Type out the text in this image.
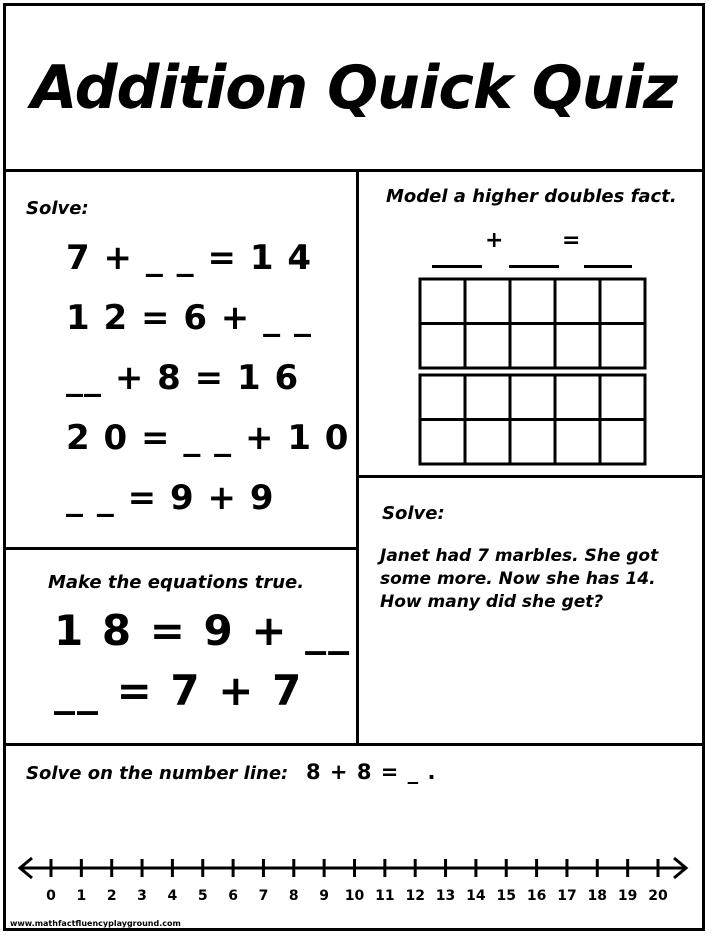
Addition Quick Quiz
Solve:
7 + _ _ = 1 4
1 2 = 6 + _ _
__ + 8 = 1 6
2 0 = _ _ + 1 0
_ _ = 9 + 9
Model a higher doubles fact.
+	=
Make the equations true.
1 8 = 9 + __
__ = 7 + 7
Solve:
Janet had 7 marbles. She got some more. Now she has 14. How many did she get?
Solve on the number line: 8 + 8 = _ .
0 1 2 3 4 5 6 7 8 9 10 11 12 13 14 15 16 17 18 19 20
www.mathfactfluencyplayground.com
